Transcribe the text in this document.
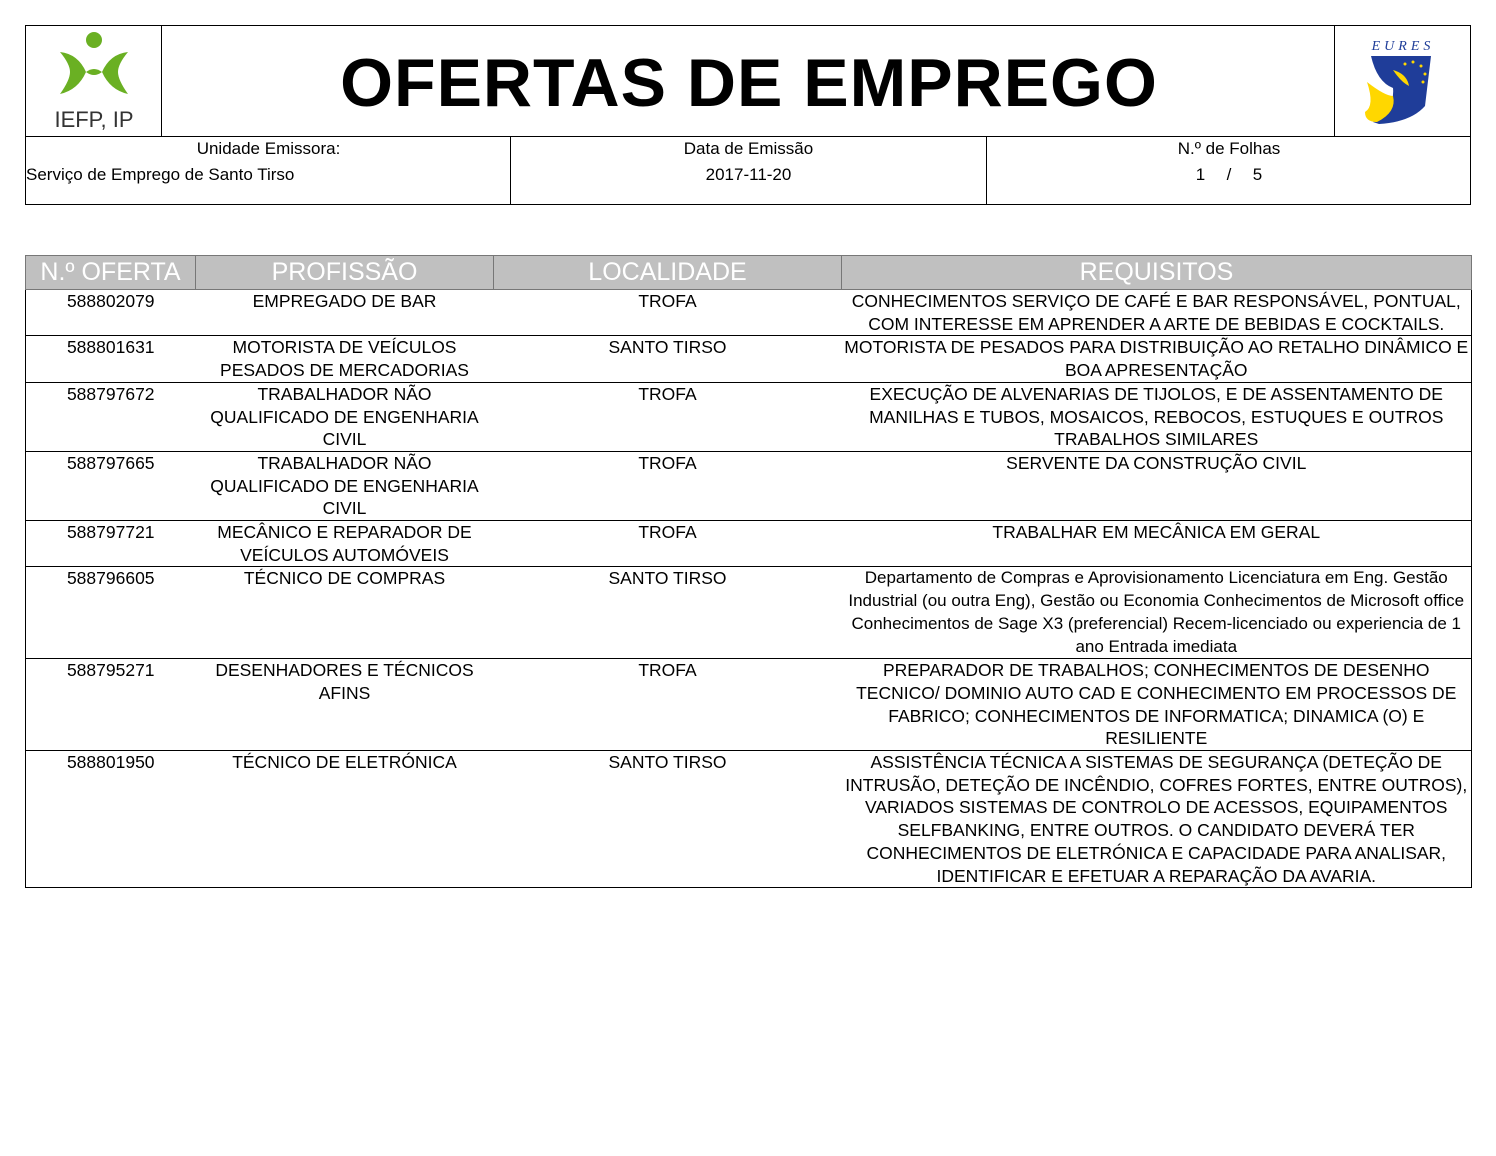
IEFP, IP	OFERTAS DE EMPREGO	EURES
Unidade Emissora:
Serviço de Emprego de Santo Tirso
Data de Emissão
2017-11-20
N.º de Folhas
1 / 5
N.º OFERTA	PROFISSÃO	LOCALIDADE	REQUISITOS
588802079	EMPREGADO DE BAR	TROFA	CONHECIMENTOS SERVIÇO DE CAFÉ E BAR RESPONSÁVEL, PONTUAL, COM INTERESSE EM APRENDER A ARTE DE BEBIDAS E COCKTAILS.
588801631	MOTORISTA DE VEÍCULOS PESADOS DE MERCADORIAS	SANTO TIRSO	MOTORISTA DE PESADOS PARA DISTRIBUIÇÃO AO RETALHO DINÂMICO E BOA APRESENTAÇÃO
588797672	TRABALHADOR NÃO QUALIFICADO DE ENGENHARIA CIVIL	TROFA	EXECUÇÃO DE ALVENARIAS DE TIJOLOS, E DE ASSENTAMENTO DE MANILHAS E TUBOS, MOSAICOS, REBOCOS, ESTUQUES E OUTROS TRABALHOS SIMILARES
588797665	TRABALHADOR NÃO QUALIFICADO DE ENGENHARIA CIVIL	TROFA	SERVENTE DA CONSTRUÇÃO CIVIL
588797721	MECÂNICO E REPARADOR DE VEÍCULOS AUTOMÓVEIS	TROFA	TRABALHAR EM MECÂNICA EM GERAL
588796605	TÉCNICO DE COMPRAS	SANTO TIRSO	Departamento de Compras e Aprovisionamento Licenciatura em Eng. Gestão Industrial (ou outra Eng), Gestão ou Economia Conhecimentos de Microsoft office Conhecimentos de Sage X3 (preferencial) Recem-licenciado ou experiencia de 1 ano Entrada imediata
588795271	DESENHADORES E TÉCNICOS AFINS	TROFA	PREPARADOR DE TRABALHOS; CONHECIMENTOS DE DESENHO TECNICO/ DOMINIO AUTO CAD E CONHECIMENTO EM PROCESSOS DE FABRICO; CONHECIMENTOS DE INFORMATICA; DINAMICA (O) E RESILIENTE
588801950	TÉCNICO DE ELETRÓNICA	SANTO TIRSO	ASSISTÊNCIA TÉCNICA A SISTEMAS DE SEGURANÇA (DETEÇÃO DE INTRUSÃO, DETEÇÃO DE INCÊNDIO, COFRES FORTES, ENTRE OUTROS), VARIADOS SISTEMAS DE CONTROLO DE ACESSOS, EQUIPAMENTOS SELFBANKING, ENTRE OUTROS. O CANDIDATO DEVERÁ TER CONHECIMENTOS DE ELETRÓNICA E CAPACIDADE PARA ANALISAR, IDENTIFICAR E EFETUAR A REPARAÇÃO DA AVARIA.
